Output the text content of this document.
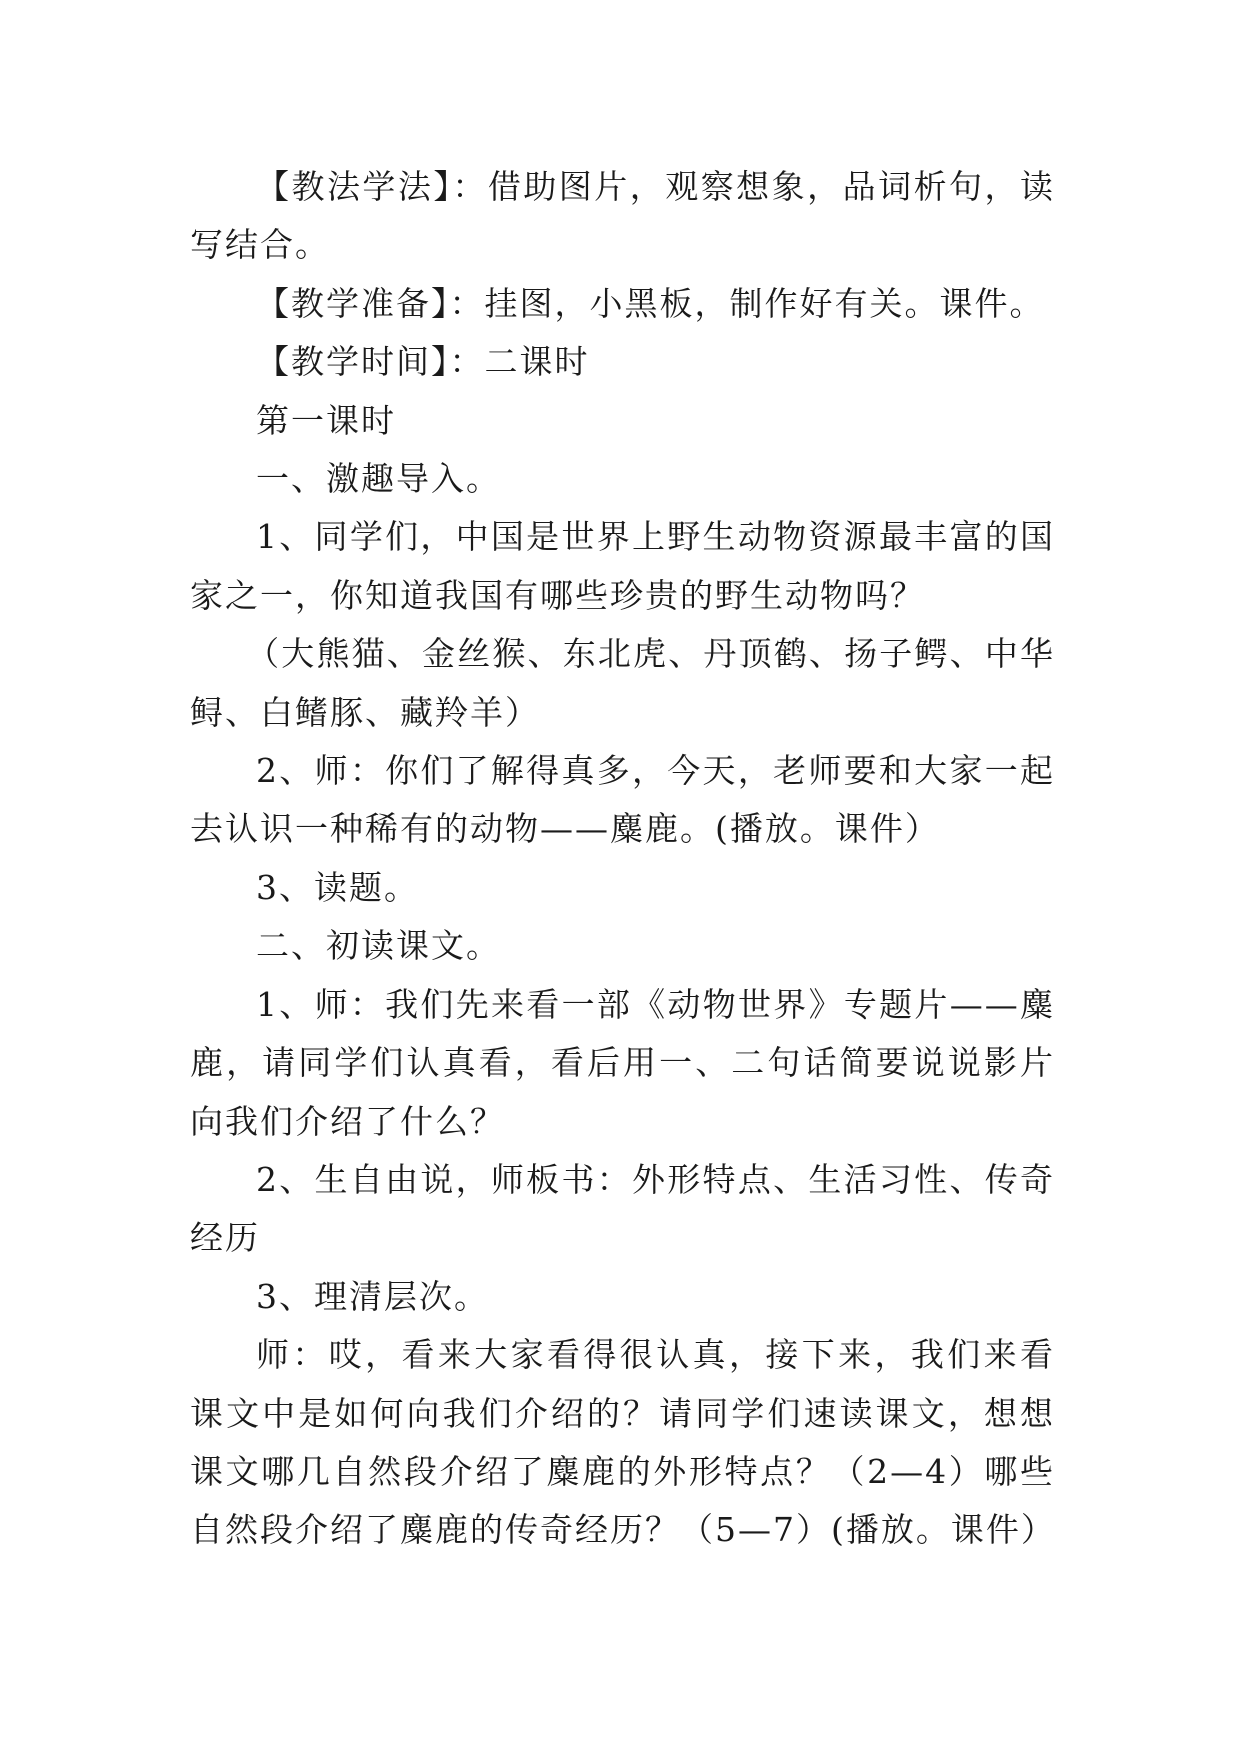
【教法学法】：借助图片，观察想象，品词析句，读写结合。

【教学准备】：挂图，小黑板，制作好有关。课件。

【教学时间】：二课时

第一课时

一、激趣导入。

1、同学们，中国是世界上野生动物资源最丰富的国家之一，你知道我国有哪些珍贵的野生动物吗？

（大熊猫、金丝猴、东北虎、丹顶鹤、扬子鳄、中华鲟、白鳍豚、藏羚羊）

2、师：你们了解得真多，今天，老师要和大家一起去认识一种稀有的动物——麋鹿。(播放。课件）

3、读题。

二、初读课文。

1、师：我们先来看一部《动物世界》专题片——麋鹿，请同学们认真看，看后用一、二句话简要说说影片向我们介绍了什么？

2、生自由说，师板书：外形特点、生活习性、传奇经历

3、理清层次。

师：哎，看来大家看得很认真，接下来，我们来看课文中是如何向我们介绍的？请同学们速读课文，想想课文哪几自然段介绍了麋鹿的外形特点？（2—4）哪些自然段介绍了麋鹿的传奇经历？（5—7）(播放。课件）
